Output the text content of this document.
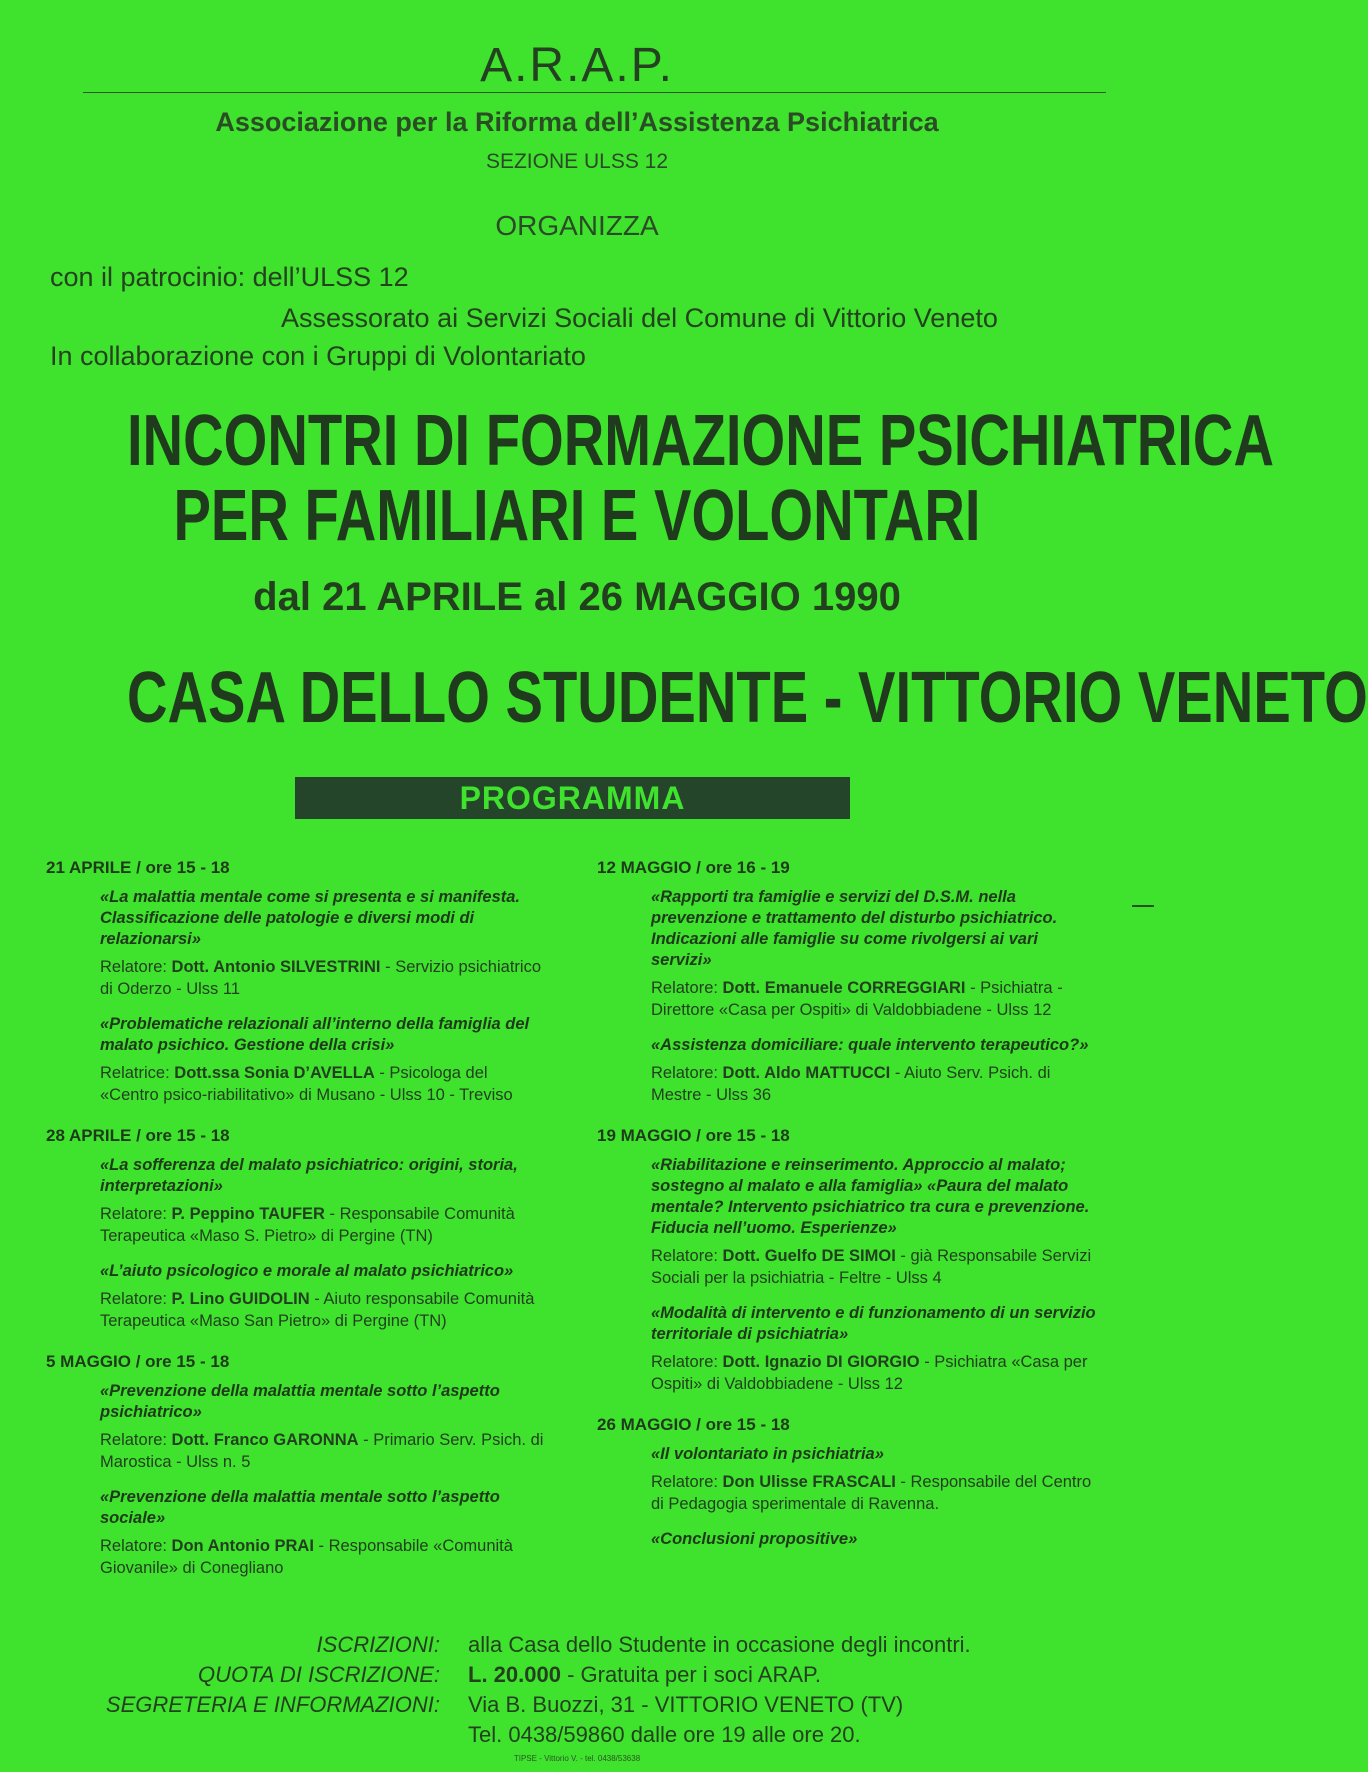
A.R.A.P.
Associazione per la Riforma dell’Assistenza Psichiatrica
SEZIONE ULSS 12
ORGANIZZA
con il patrocinio: dell’ULSS 12
Assessorato ai Servizi Sociali del Comune di Vittorio Veneto
In collaborazione con i Gruppi di Volontariato
INCONTRI DI FORMAZIONE PSICHIATRICA
PER FAMILIARI E VOLONTARI
dal 21 APRILE al 26 MAGGIO 1990
CASA DELLO STUDENTE - VITTORIO VENETO
PROGRAMMA
21 APRILE / ore 15 - 18
«La malattia mentale come si presenta e si manifesta. Classificazione delle patologie e diversi modi di relazionarsi»
Relatore: Dott. Antonio SILVESTRINI - Servizio psichiatrico di Oderzo - Ulss 11
«Problematiche relazionali all’interno della famiglia del malato psichico. Gestione della crisi»
Relatrice: Dott.ssa Sonia D’AVELLA - Psicologa del «Centro psico-riabilitativo» di Musano - Ulss 10 - Treviso
28 APRILE / ore 15 - 18
«La sofferenza del malato psichiatrico: origini, storia, interpretazioni»
Relatore: P. Peppino TAUFER - Responsabile Comunità Terapeutica «Maso S. Pietro» di Pergine (TN)
«L’aiuto psicologico e morale al malato psichiatrico»
Relatore: P. Lino GUIDOLIN - Aiuto responsabile Comunità Terapeutica «Maso San Pietro» di Pergine (TN)
5 MAGGIO / ore 15 - 18
«Prevenzione della malattia mentale sotto l’aspetto psichiatrico»
Relatore: Dott. Franco GARONNA - Primario Serv. Psich. di Marostica - Ulss n. 5
«Prevenzione della malattia mentale sotto l’aspetto sociale»
Relatore: Don Antonio PRAI - Responsabile «Comunità Giovanile» di Conegliano
12 MAGGIO / ore 16 - 19
«Rapporti tra famiglie e servizi del D.S.M. nella prevenzione e trattamento del disturbo psichiatrico. Indicazioni alle famiglie su come rivolgersi ai vari servizi»
Relatore: Dott. Emanuele CORREGGIARI - Psichiatra - Direttore «Casa per Ospiti» di Valdobbiadene - Ulss 12
«Assistenza domiciliare: quale intervento terapeutico?»
Relatore: Dott. Aldo MATTUCCI - Aiuto Serv. Psich. di Mestre - Ulss 36
19 MAGGIO / ore 15 - 18
«Riabilitazione e reinserimento. Approccio al malato; sostegno al malato e alla famiglia» «Paura del malato mentale? Intervento psichiatrico tra cura e prevenzione. Fiducia nell’uomo. Esperienze»
Relatore: Dott. Guelfo DE SIMOI - già Responsabile Servizi Sociali per la psichiatria - Feltre - Ulss 4
«Modalità di intervento e di funzionamento di un servizio territoriale di psichiatria»
Relatore: Dott. Ignazio DI GIORGIO - Psichiatra «Casa per Ospiti» di Valdobbiadene - Ulss 12
26 MAGGIO / ore 15 - 18
«Il volontariato in psichiatria»
Relatore: Don Ulisse FRASCALI - Responsabile del Centro di Pedagogia sperimentale di Ravenna.
«Conclusioni propositive»
ISCRIZIONI: alla Casa dello Studente in occasione degli incontri.
QUOTA DI ISCRIZIONE: L. 20.000 - Gratuita per i soci ARAP.
SEGRETERIA E INFORMAZIONI: Via B. Buozzi, 31 - VITTORIO VENETO (TV)
Tel. 0438/59860 dalle ore 19 alle ore 20.
TIPSE - Vittorio V. - tel. 0438/53638
